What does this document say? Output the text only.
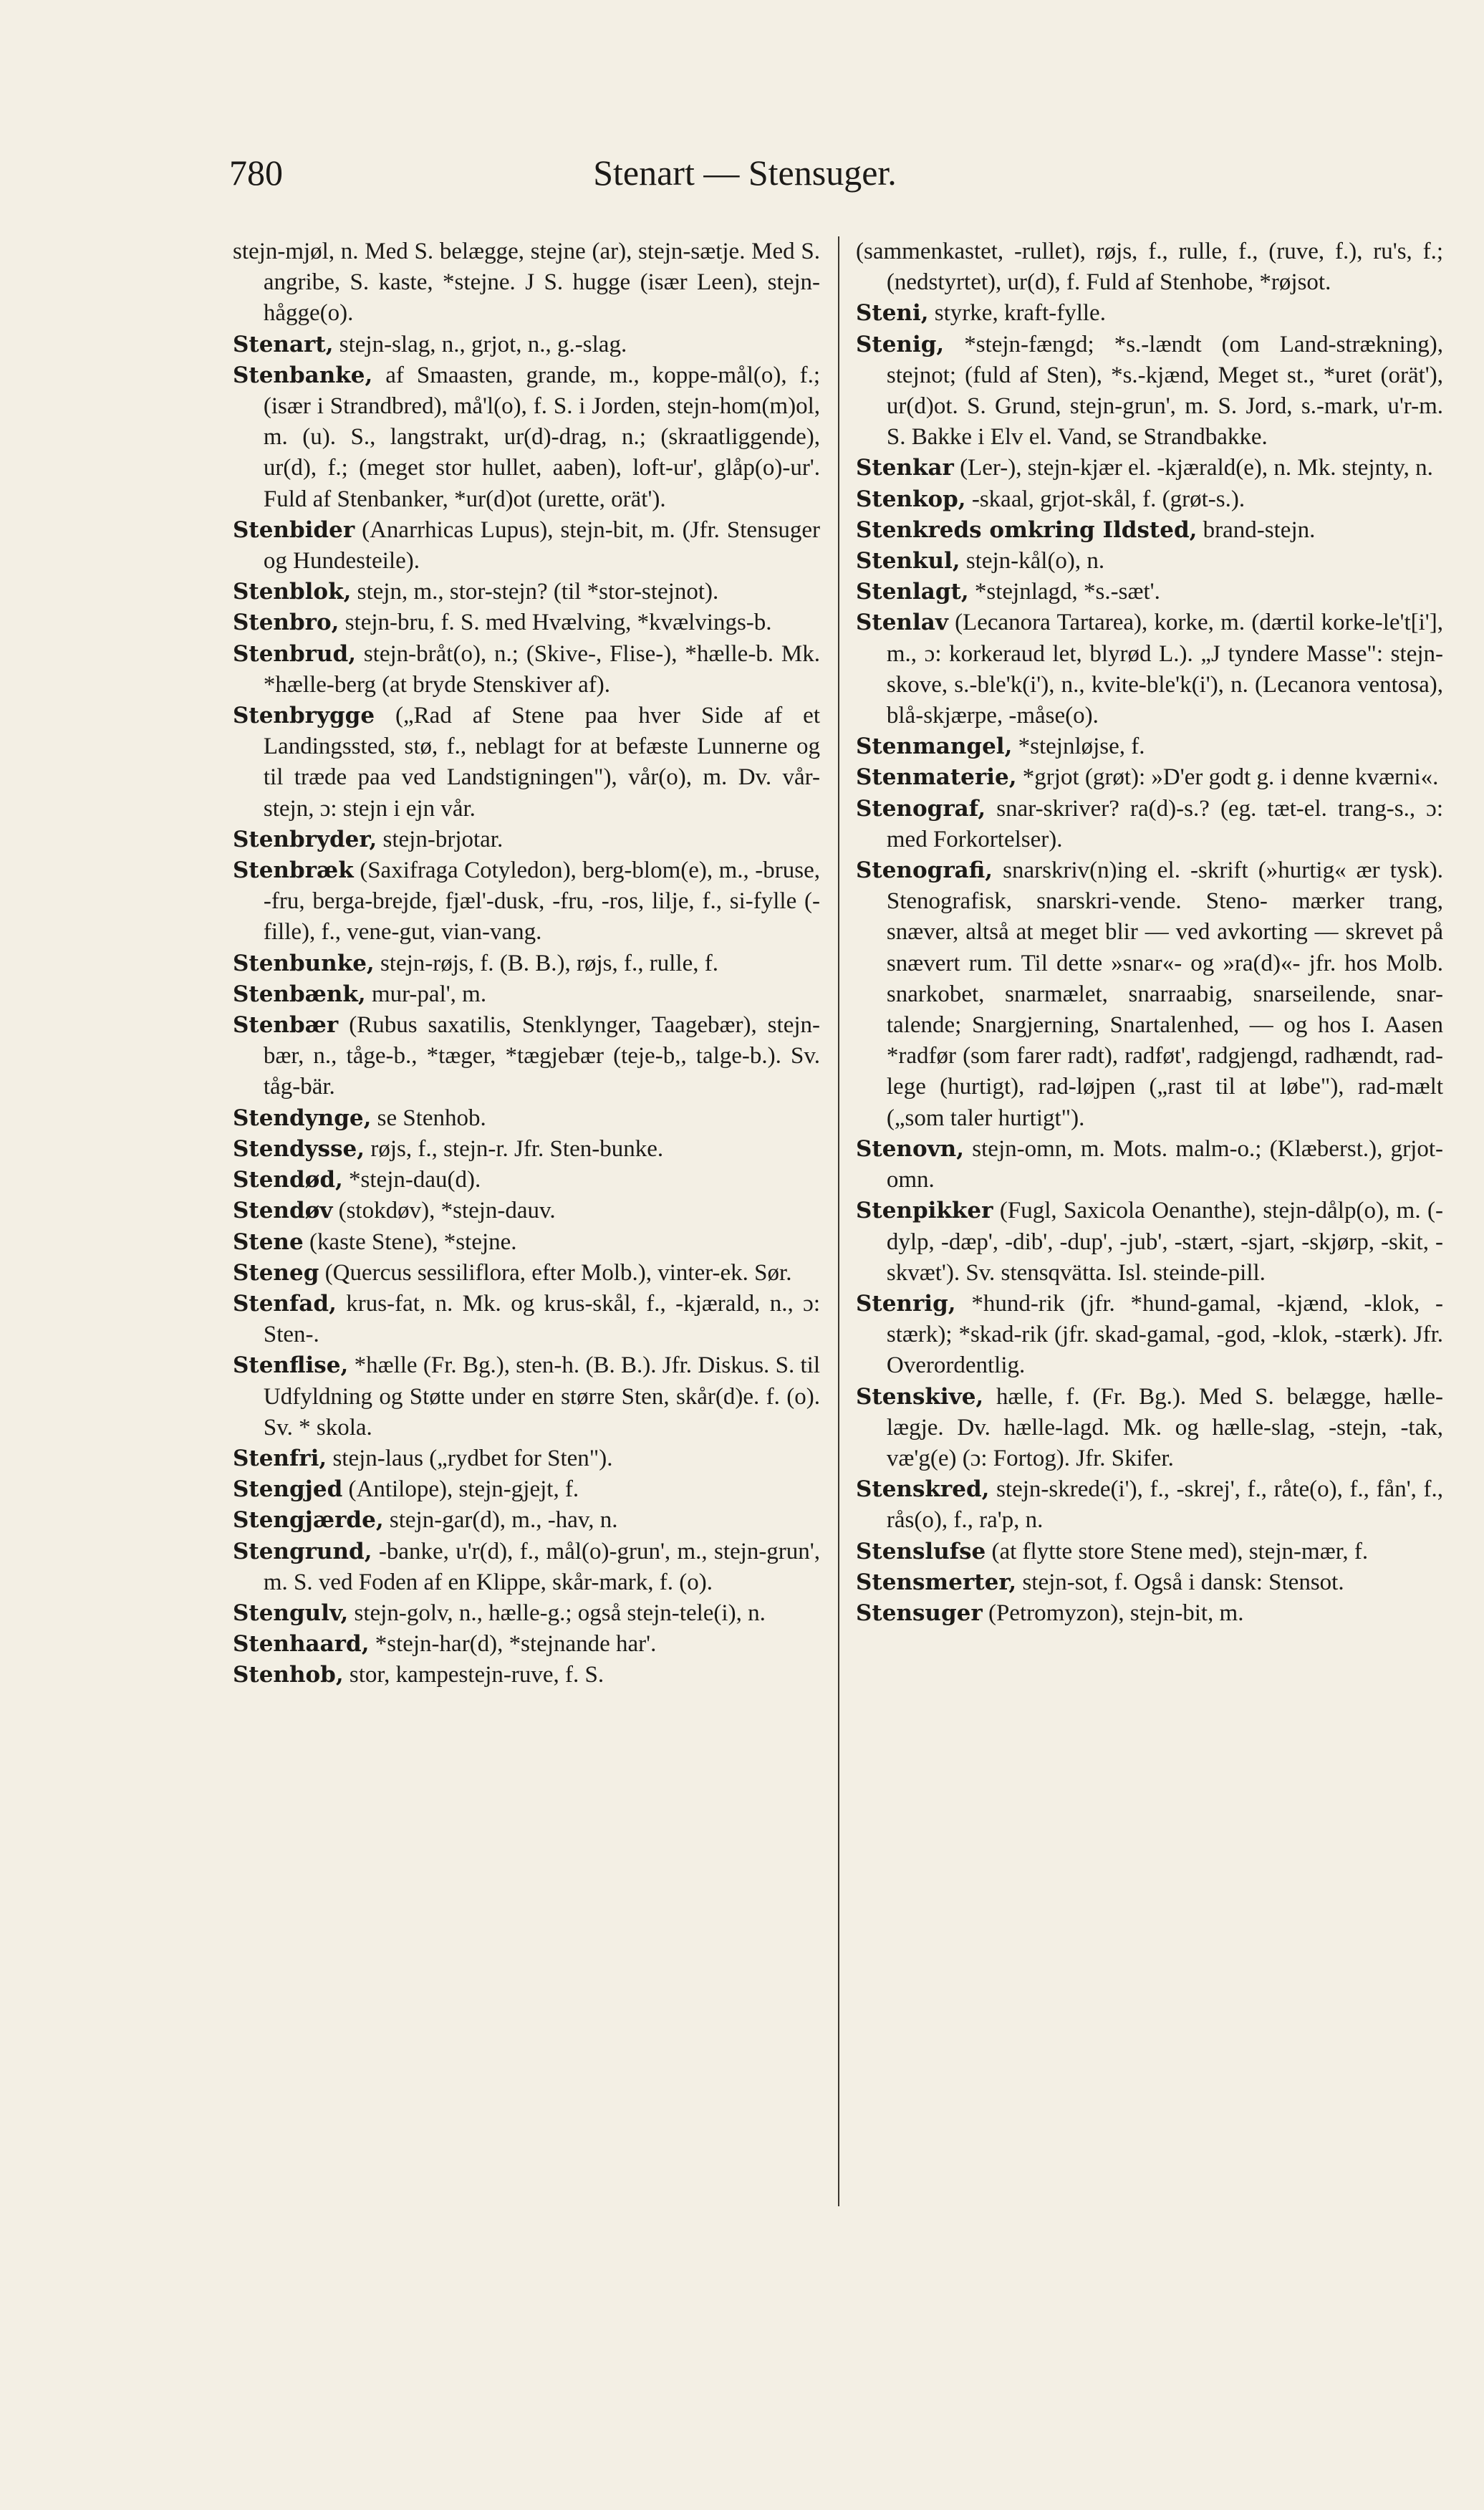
780	Stenart — Stensuger.

stejn-mjøl, n. Med S. belægge, stejne (ar), stejn-sætje. Med S. angribe, S. kaste, *stejne. J S. hugge (især Leen), stejn-hågge(o).

Stenart, stejn-slag, n., grjot, n., g.-slag.

Stenbanke, af Smaasten, grande, m., koppe-mål(o), f.; (især i Strandbred), må'l(o), f. S. i Jorden, stejn-hom(m)ol, m. (u). S., langstrakt, ur(d)-drag, n.; (skraatliggende), ur(d), f.; (meget stor hullet, aaben), loft-ur', glåp(o)-ur'. Fuld af Stenbanker, *ur(d)ot (urette, orät').

Stenbider (Anarrhicas Lupus), stejn-bit, m. (Jfr. Stensuger og Hundesteile).

Stenblok, stejn, m., stor-stejn? (til *stor-stejnot).

Stenbro, stejn-bru, f. S. med Hvælving, *kvælvings-b.

Stenbrud, stejn-bråt(o), n.; (Skive-, Flise-), *hælle-b. Mk. *hælle-berg (at bryde Stenskiver af).

Stenbrygge („Rad af Stene paa hver Side af et Landingssted, stø, f., neblagt for at befæste Lunnerne og til træde paa ved Landstigningen"), vår(o), m. Dv. vår-stejn, ɔ: stejn i ejn vår.

Stenbryder, stejn-brjotar.

Stenbræk (Saxifraga Cotyledon), berg-blom(e), m., -bruse, -fru, berga-brejde, fjæl'-dusk, -fru, -ros, lilje, f., si-fylle (-fille), f., vene-gut, vian-vang.

Stenbunke, stejn-røjs, f. (B. B.), røjs, f., rulle, f.

Stenbænk, mur-pal', m.

Stenbær (Rubus saxatilis, Stenklynger, Taagebær), stejn-bær, n., tåge-b., *tæger, *tægjebær (teje-b,, talge-b.). Sv. tåg-bär.

Stendynge, se Stenhob.

Stendysse, røjs, f., stejn-r. Jfr. Sten-bunke.

Stendød, *stejn-dau(d).

Stendøv (stokdøv), *stejn-dauv.

Stene (kaste Stene), *stejne.

Steneg (Quercus sessiliflora, efter Molb.), vinter-ek. Sør.

Stenfad, krus-fat, n. Mk. og krus-skål, f., -kjærald, n., ɔ: Sten-.

Stenflise, *hælle (Fr. Bg.), sten-h. (B. B.). Jfr. Diskus. S. til Udfyldning og Støtte under en større Sten, skår(d)e. f. (o). Sv. * skola.

Stenfri, stejn-laus („rydbet for Sten").

Stengjed (Antilope), stejn-gjejt, f.

Stengjærde, stejn-gar(d), m., -hav, n.

Stengrund, -banke, u'r(d), f., mål(o)-grun', m., stejn-grun', m. S. ved Foden af en Klippe, skår-mark, f. (o).

Stengulv, stejn-golv, n., hælle-g.; også stejn-tele(i), n.

Stenhaard, *stejn-har(d), *stejnande har'.

Stenhob, stor, kampestejn-ruve, f. S.

(sammenkastet, -rullet), røjs, f., rulle, f., (ruve, f.), ru's, f.; (nedstyrtet), ur(d), f. Fuld af Stenhobe, *røjsot.

Steni, styrke, kraft-fylle.

Stenig, *stejn-fængd; *s.-lændt (om Land-strækning), stejnot; (fuld af Sten), *s.-kjænd, Meget st., *uret (orät'), ur(d)ot. S. Grund, stejn-grun', m. S. Jord, s.-mark, u'r-m. S. Bakke i Elv el. Vand, se Strandbakke.

Stenkar (Ler-), stejn-kjær el. -kjærald(e), n. Mk. stejnty, n.

Stenkop, -skaal, grjot-skål, f. (grøt-s.).

Stenkreds omkring Ildsted, brand-stejn.

Stenkul, stejn-kål(o), n.

Stenlagt, *stejnlagd, *s.-sæt'.

Stenlav (Lecanora Tartarea), korke, m. (dærtil korke-le't[i'], m., ɔ: korkeraud let, blyrød L.). „J tyndere Masse": stejn-skove, s.-ble'k(i'), n., kvite-ble'k(i'), n. (Lecanora ventosa), blå-skjærpe, -måse(o).

Stenmangel, *stejnløjse, f.

Stenmaterie, *grjot (grøt): »D'er godt g. i denne kværni«.

Stenograf, snar-skriver? ra(d)-s.? (eg. tæt-el. trang-s., ɔ: med Forkortelser).

Stenografi, snarskriv(n)ing el. -skrift (»hurtig« ær tysk). Stenografisk, snarskri-vende. Steno- mærker trang, snæver, altså at meget blir — ved avkorting — skrevet på snævert rum. Til dette »snar«- og »ra(d)«- jfr. hos Molb. snarkobet, snarmælet, snarraabig, snarseilende, snar-talende; Snargjerning, Snartalenhed, — og hos I. Aasen *radfør (som farer radt), radføt', radgjengd, radhændt, rad-lege (hurtigt), rad-løjpen („rast til at løbe"), rad-mælt („som taler hurtigt").

Stenovn, stejn-omn, m. Mots. malm-o.; (Klæberst.), grjot-omn.

Stenpikker (Fugl, Saxicola Oenanthe), stejn-dålp(o), m. (-dylp, -dæp', -dib', -dup', -jub', -stært, -sjart, -skjørp, -skit, -skvæt'). Sv. stensqvätta. Isl. steinde-pill.

Stenrig, *hund-rik (jfr. *hund-gamal, -kjænd, -klok, -stærk); *skad-rik (jfr. skad-gamal, -god, -klok, -stærk). Jfr. Overordentlig.

Stenskive, hælle, f. (Fr. Bg.). Med S. belægge, hælle-lægje. Dv. hælle-lagd. Mk. og hælle-slag, -stejn, -tak, væ'g(e) (ɔ: Fortog). Jfr. Skifer.

Stenskred, stejn-skrede(i'), f., -skrej', f., råte(o), f., fån', f., rås(o), f., ra'p, n.

Stenslufse (at flytte store Stene med), stejn-mær, f.

Stensmerter, stejn-sot, f. Også i dansk: Stensot.

Stensuger (Petromyzon), stejn-bit, m.
